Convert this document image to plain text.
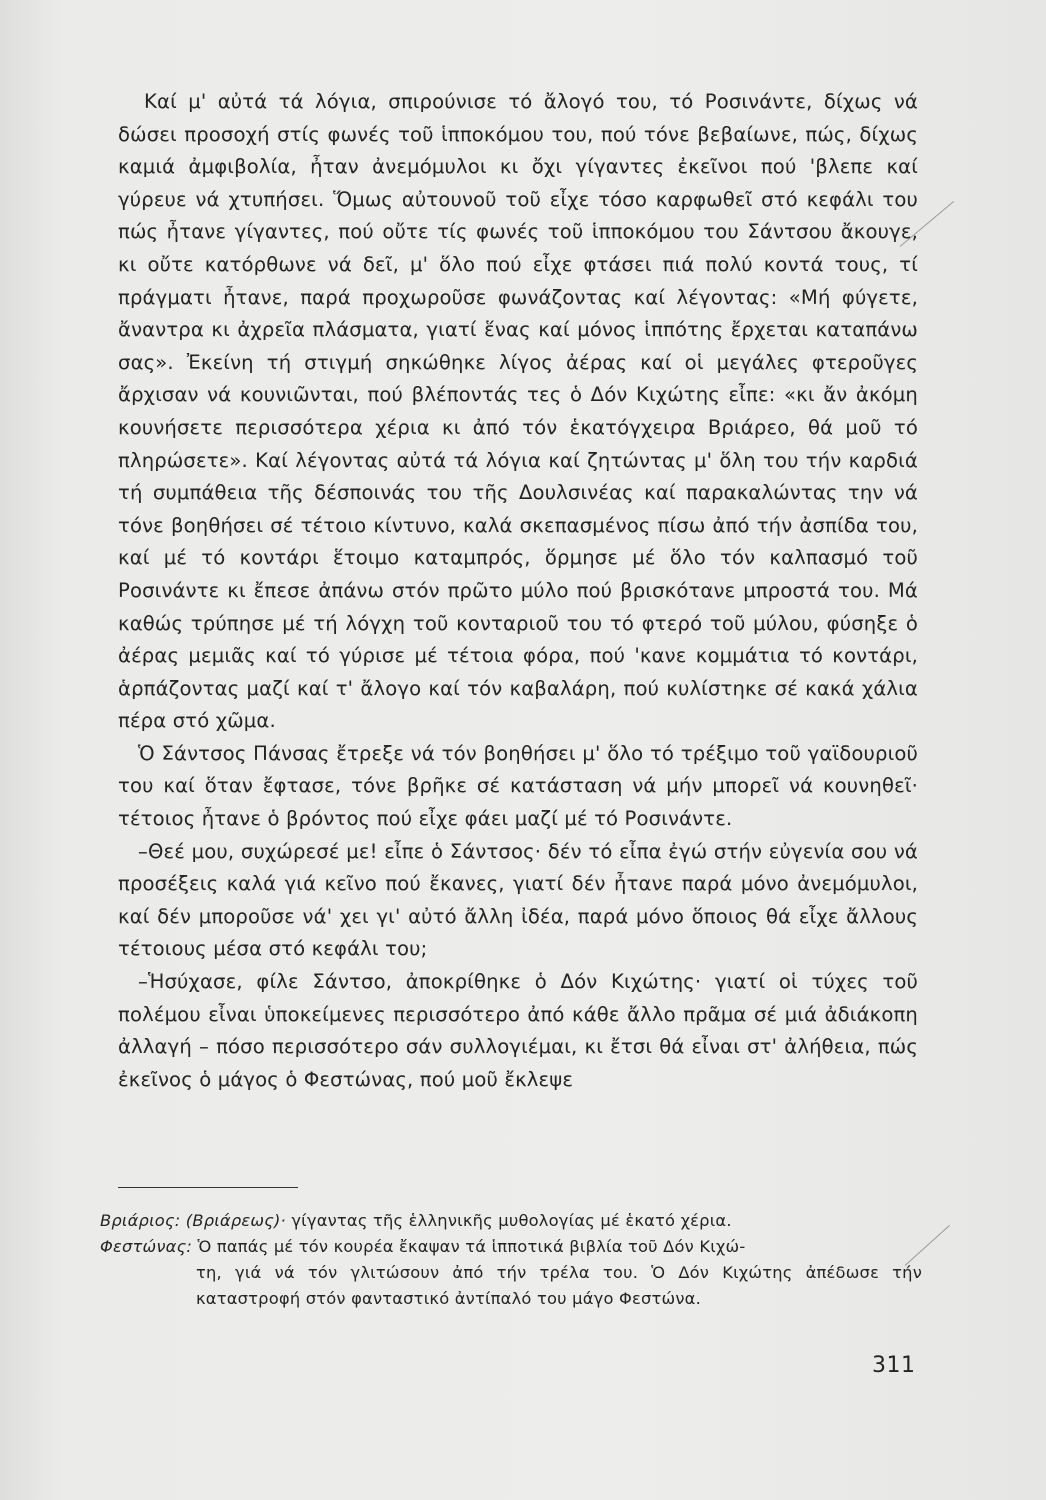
Καί μ' αὐτά τά λόγια, σπιρούνισε τό ἄλογό του, τό Ροσινάντε, δίχως νά δώσει προσοχή στίς φωνές τοῦ ἱπποκόμου του, πού τόνε βεβαίωνε, πώς, δίχως καμιά ἀμφιβολία, ἦταν ἀνεμόμυλοι κι ὄχι γίγαντες ἐκεῖνοι πού 'βλεπε καί γύρευε νά χτυπήσει. Ὅμως αὐτουνοῦ τοῦ εἶχε τόσο καρφωθεῖ στό κεφάλι του πώς ἦτανε γίγαντες, πού οὔτε τίς φωνές τοῦ ἱπποκόμου του Σάντσου ἄκουγε, κι οὔτε κατόρθωνε νά δεῖ, μ' ὅλο πού εἶχε φτάσει πιά πολύ κοντά τους, τί πράγματι ἦτανε, παρά προχωροῦσε φωνάζοντας καί λέγοντας: «Μή φύγετε, ἄναντρα κι ἀχρεῖα πλάσματα, γιατί ἕνας καί μόνος ἱππότης ἔρχεται καταπάνω σας». Ἐκείνη τή στιγμή σηκώθηκε λίγος ἀέρας καί οἱ μεγάλες φτεροῦγες ἄρχισαν νά κουνιῶνται, πού βλέποντάς τες ὁ Δόν Κιχώτης εἶπε: «κι ἄν ἀκόμη κουνήσετε περισσότερα χέρια κι ἀπό τόν ἑκατόγχειρα Βριάρεο, θά μοῦ τό πληρώσετε». Καί λέγοντας αὐτά τά λόγια καί ζητώντας μ' ὅλη του τήν καρδιά τή συμπάθεια τῆς δέσποινάς του τῆς Δουλσινέας καί παρακαλώντας την νά τόνε βοηθήσει σέ τέτοιο κίντυνο, καλά σκεπασμένος πίσω ἀπό τήν ἀσπίδα του, καί μέ τό κοντάρι ἕτοιμο καταμπρός, ὅρμησε μέ ὅλο τόν καλπασμό τοῦ Ροσινάντε κι ἔπεσε ἀπάνω στόν πρῶτο μύλο πού βρισκότανε μπροστά του. Μά καθώς τρύπησε μέ τή λόγχη τοῦ κονταριοῦ του τό φτερό τοῦ μύλου, φύσηξε ὁ ἀέρας μεμιᾶς καί τό γύρισε μέ τέτοια φόρα, πού 'κανε κομμάτια τό κοντάρι, ἁρπάζοντας μαζί καί τ' ἄλογο καί τόν καβαλάρη, πού κυλίστηκε σέ κακά χάλια πέρα στό χῶμα.

Ὁ Σάντσος Πάνσας ἔτρεξε νά τόν βοηθήσει μ' ὅλο τό τρέξιμο τοῦ γαϊδουριοῦ του καί ὅταν ἔφτασε, τόνε βρῆκε σέ κατάσταση νά μήν μπορεῖ νά κουνηθεῖ· τέτοιος ἦτανε ὁ βρόντος πού εἶχε φάει μαζί μέ τό Ροσινάντε.

–Θεέ μου, συχώρεσέ με! εἶπε ὁ Σάντσος· δέν τό εἶπα ἐγώ στήν εὐγενία σου νά προσέξεις καλά γιά κεῖνο πού ἔκανες, γιατί δέν ἦτανε παρά μόνο ἀνεμόμυλοι, καί δέν μποροῦσε νά' χει γι' αὐτό ἄλλη ἰδέα, παρά μόνο ὅποιος θά εἶχε ἄλλους τέτοιους μέσα στό κεφάλι του;

–Ἡσύχασε, φίλε Σάντσο, ἀποκρίθηκε ὁ Δόν Κιχώτης· γιατί οἱ τύχες τοῦ πολέμου εἶναι ὑποκείμενες περισσότερο ἀπό κάθε ἄλλο πρᾶμα σέ μιά ἀδιάκοπη ἀλλαγή – πόσο περισσότερο σάν συλλογιέμαι, κι ἔτσι θά εἶναι στ' ἀλήθεια, πώς ἐκεῖνος ὁ μάγος ὁ Φεστώνας, πού μοῦ ἔκλεψε

Βριάριος: (Βριάρεως)· γίγαντας τῆς ἑλληνικῆς μυθολογίας μέ ἑκατό χέρια.
Φεστώνας: Ὁ παπάς μέ τόν κουρέα ἔκαψαν τά ἱπποτικά βιβλία τοῦ Δόν Κιχώ-
τη, γιά νά τόν γλιτώσουν ἀπό τήν τρέλα του. Ὁ Δόν Κιχώτης ἀπέδωσε τήν καταστροφή στόν φανταστικό ἀντίπαλό του μάγο Φεστώνα.
311
